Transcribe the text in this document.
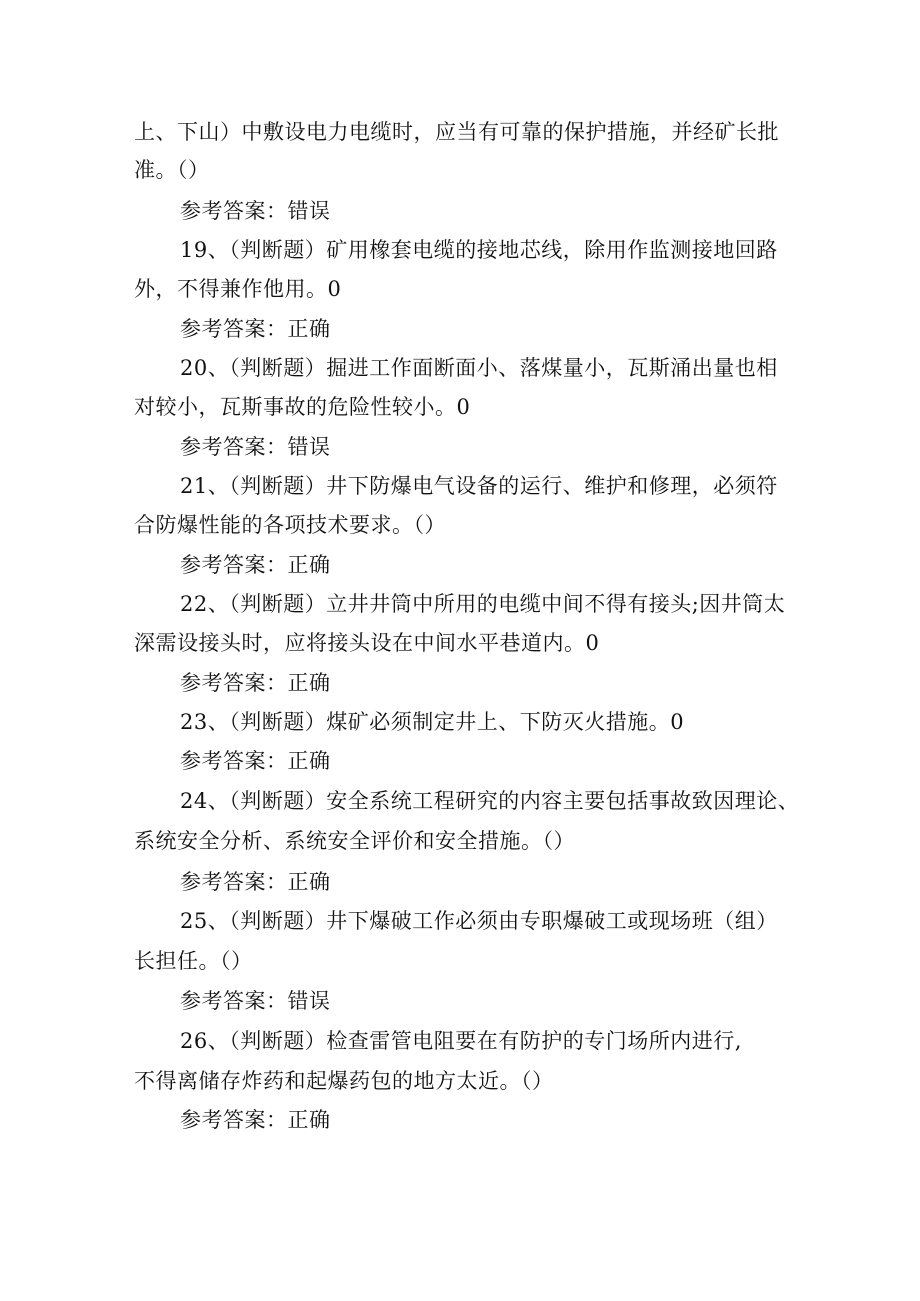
上、下山）中敷设电力电缆时，应当有可靠的保护措施，并经矿长批
准。（）
参考答案：错误
19、（判断题）矿用橡套电缆的接地芯线，除用作监测接地回路
外，不得兼作他用。0
参考答案：正确
20、（判断题）掘进工作面断面小、落煤量小，瓦斯涌出量也相
对较小，瓦斯事故的危险性较小。0
参考答案：错误
21、（判断题）井下防爆电气设备的运行、维护和修理，必须符
合防爆性能的各项技术要求。（）
参考答案：正确
22、（判断题）立井井筒中所用的电缆中间不得有接头;因井筒太
深需设接头时，应将接头设在中间水平巷道内。0
参考答案：正确
23、（判断题）煤矿必须制定井上、下防灭火措施。0
参考答案：正确
24、（判断题）安全系统工程研究的内容主要包括事故致因理论、
系统安全分析、系统安全评价和安全措施。（）
参考答案：正确
25、（判断题）井下爆破工作必须由专职爆破工或现场班（组）
长担任。（）
参考答案：错误
26、（判断题）检查雷管电阻要在有防护的专门场所内进行,
不得离储存炸药和起爆药包的地方太近。（）
参考答案：正确
